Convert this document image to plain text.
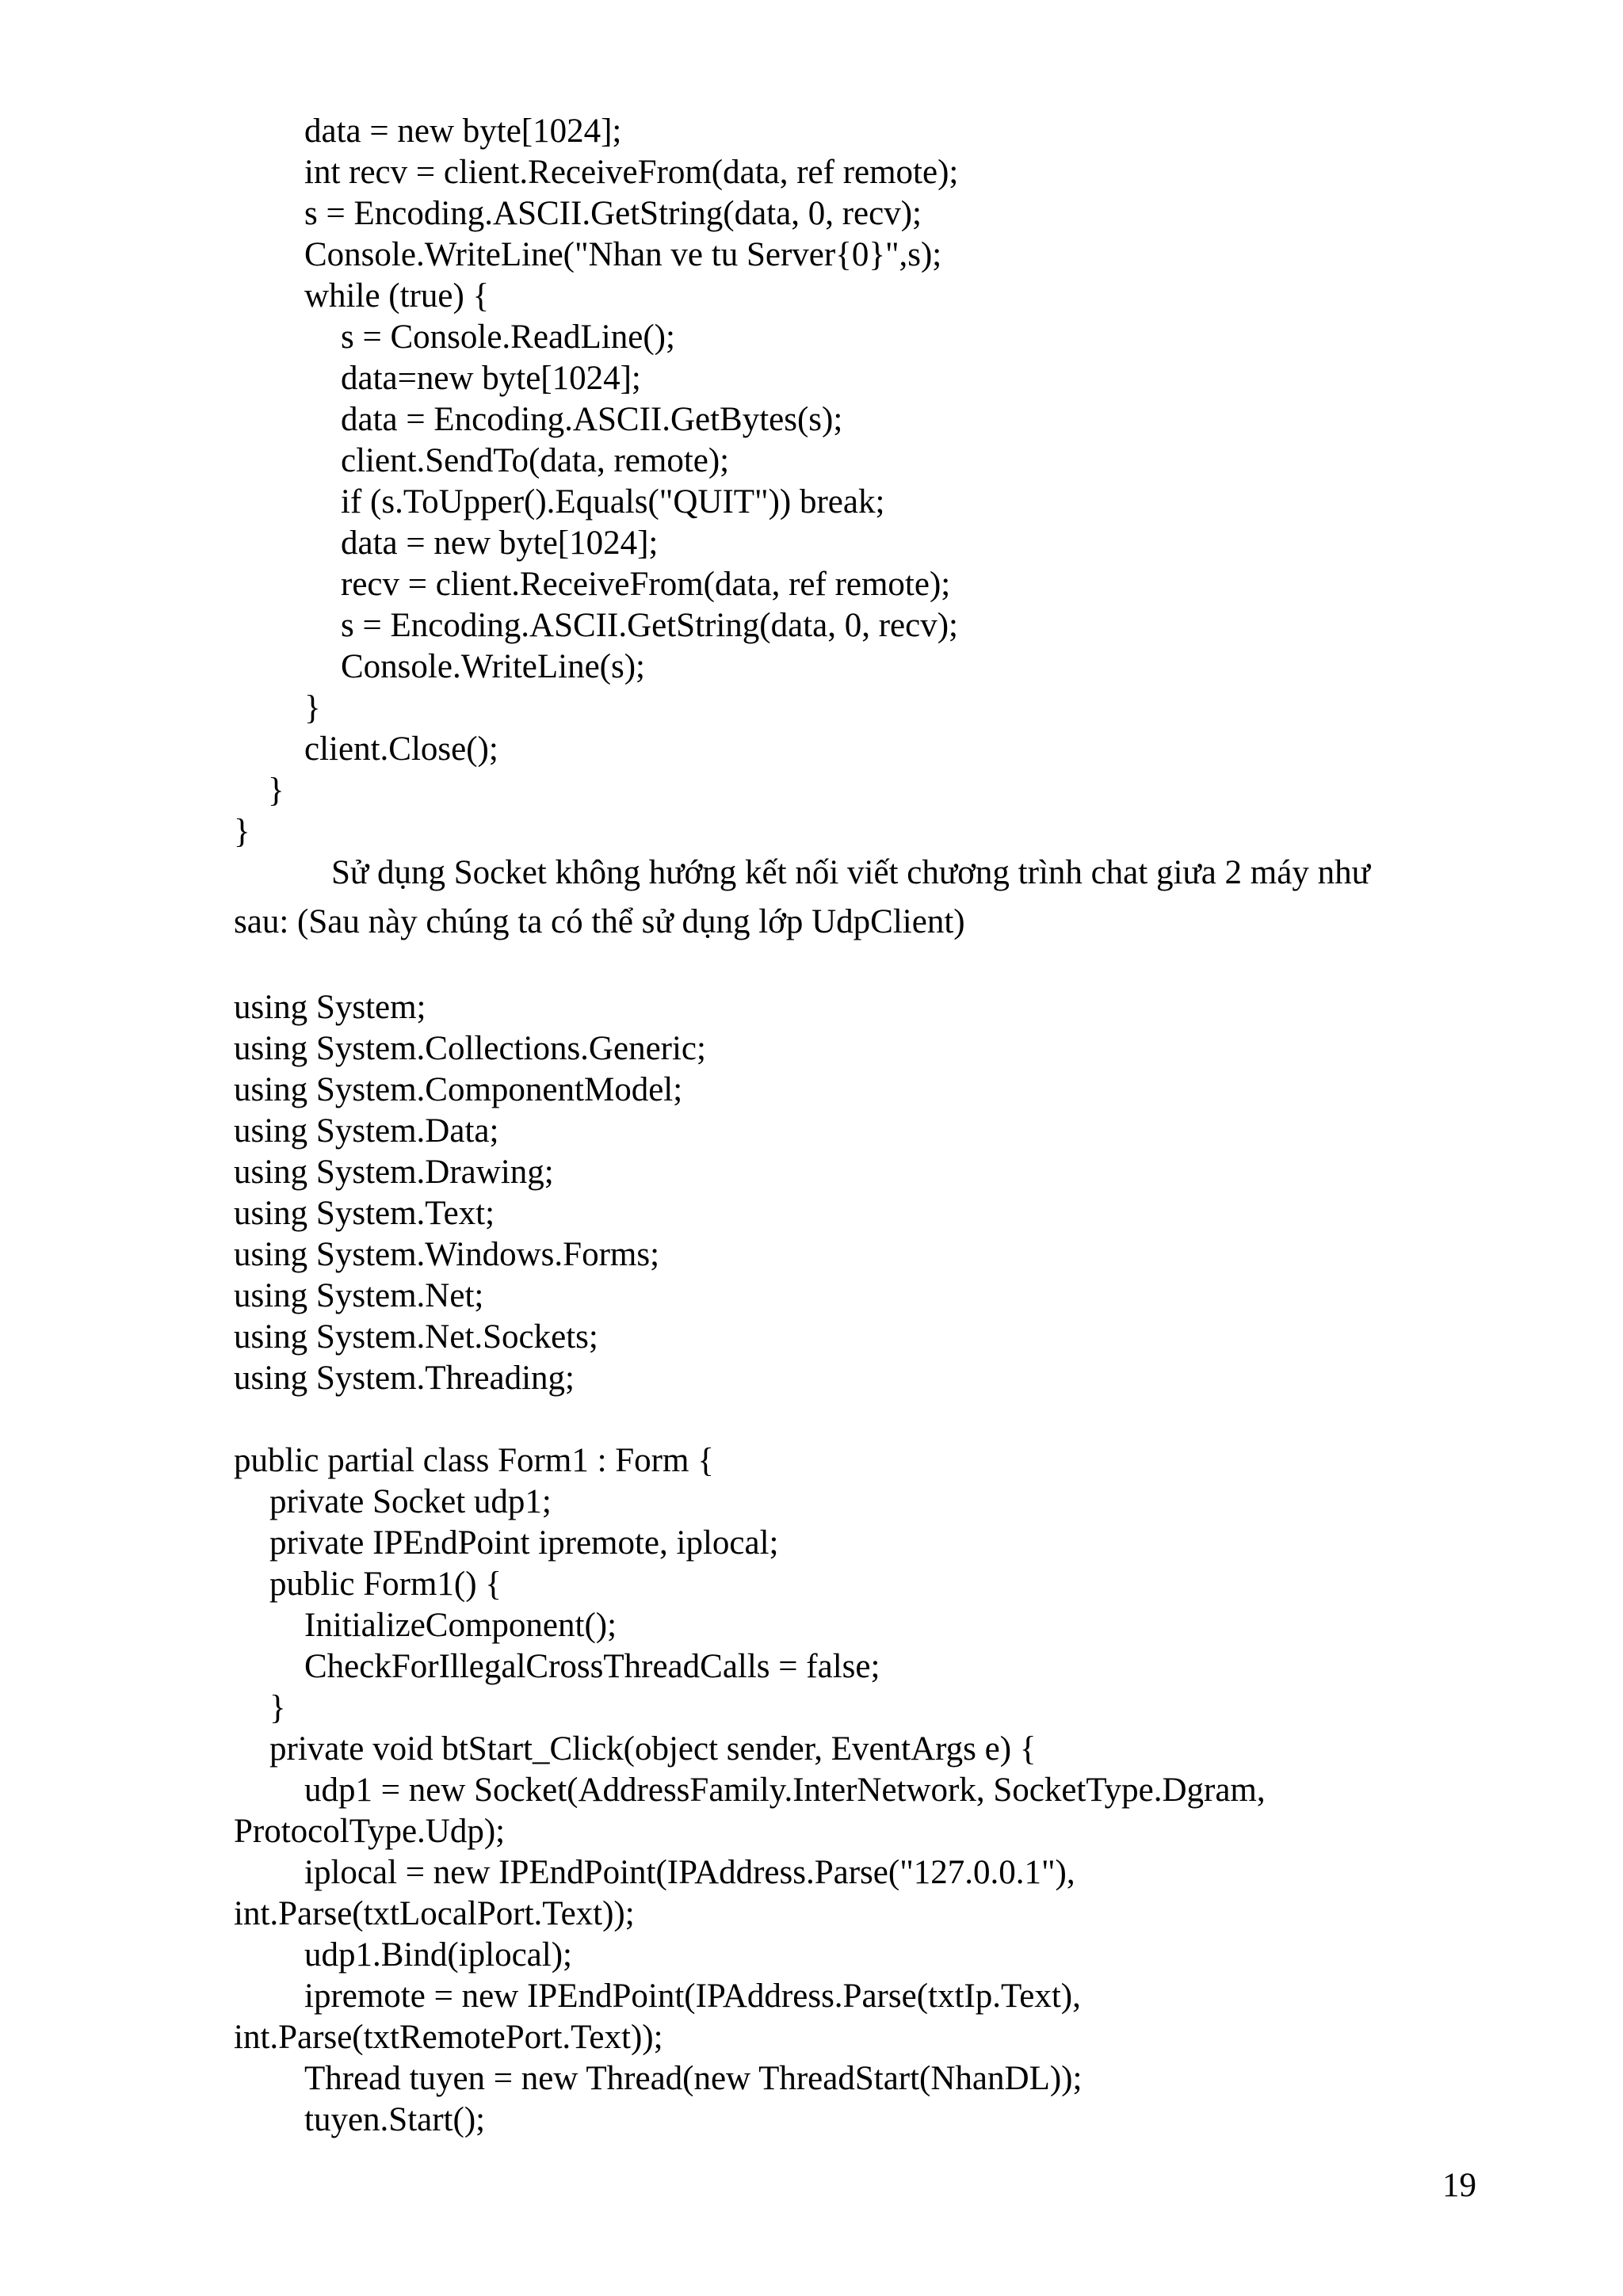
data = new byte[1024];

int recv = client.ReceiveFrom(data, ref remote);

s = Encoding.ASCII.GetString(data, 0, recv);

Console.WriteLine("Nhan ve tu Server{0}",s);

while (true) {

s = Console.ReadLine();

data=new byte[1024];

data = Encoding.ASCII.GetBytes(s);

client.SendTo(data, remote);

if (s.ToUpper().Equals("QUIT")) break;

data = new byte[1024];

recv = client.ReceiveFrom(data, ref remote);

s = Encoding.ASCII.GetString(data, 0, recv);

Console.WriteLine(s);

}

client.Close();

}

}

Sử dụng Socket không hướng kết nối viết chương trình chat giưa 2 máy như

sau: (Sau này chúng ta có thể sử dụng lớp UdpClient)

using System;

using System.Collections.Generic;

using System.ComponentModel;

using System.Data;

using System.Drawing;

using System.Text;

using System.Windows.Forms;

using System.Net;

using System.Net.Sockets;

using System.Threading;

public partial class Form1 : Form {

private Socket udp1;

private IPEndPoint ipremote, iplocal;

public Form1() {

InitializeComponent();

CheckForIllegalCrossThreadCalls = false;

}

private void btStart_Click(object sender, EventArgs e) {

udp1 = new Socket(AddressFamily.InterNetwork, SocketType.Dgram,

ProtocolType.Udp);

iplocal = new IPEndPoint(IPAddress.Parse("127.0.0.1"),

int.Parse(txtLocalPort.Text));

udp1.Bind(iplocal);

ipremote = new IPEndPoint(IPAddress.Parse(txtIp.Text),

int.Parse(txtRemotePort.Text));

Thread tuyen = new Thread(new ThreadStart(NhanDL));

tuyen.Start();

19
